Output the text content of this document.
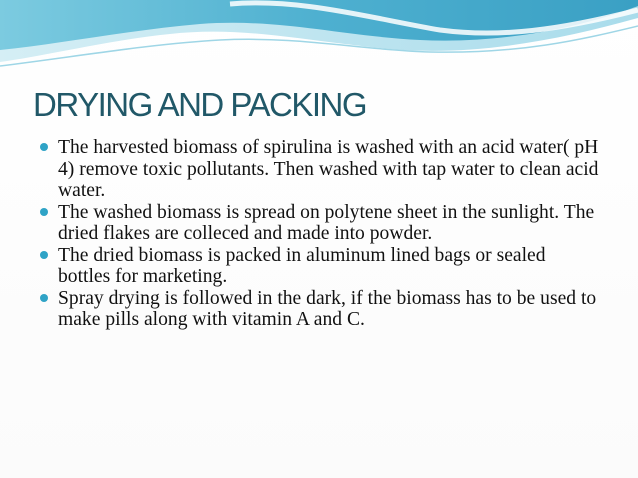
DRYING AND PACKING
The harvested biomass of spirulina is washed with an acid water( pH 4) remove toxic pollutants. Then washed with tap water to clean acid water.
The washed biomass is spread on polytene sheet in the sunlight. The dried flakes are colleced and made into powder.
The dried biomass is packed in aluminum lined bags or sealed bottles for marketing.
Spray drying is followed in the dark, if the biomass has to be used to make pills along with vitamin A and C.
